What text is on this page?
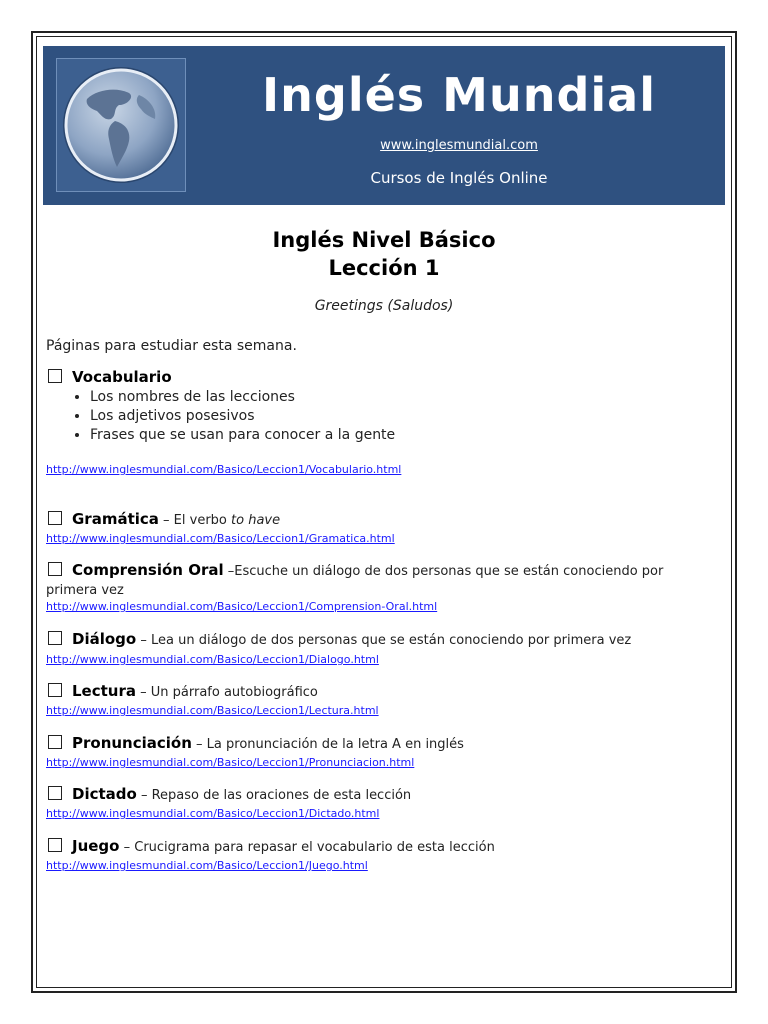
Inglés Mundial
www.inglesmundial.com
Cursos de Inglés Online
Inglés Nivel Básico
Lección 1
Greetings (Saludos)
Páginas para estudiar esta semana.
Vocabulario
• Los nombres de las lecciones
• Los adjetivos posesivos
• Frases que se usan para conocer a la gente
http://www.inglesmundial.com/Basico/Leccion1/Vocabulario.html
Gramática – El verbo to have
http://www.inglesmundial.com/Basico/Leccion1/Gramatica.html
Comprensión Oral –Escuche un diálogo de dos personas que se están conociendo por primera vez
http://www.inglesmundial.com/Basico/Leccion1/Comprension-Oral.html
Diálogo – Lea un diálogo de dos personas que se están conociendo por primera vez
http://www.inglesmundial.com/Basico/Leccion1/Dialogo.html
Lectura – Un párrafo autobiográfico
http://www.inglesmundial.com/Basico/Leccion1/Lectura.html
Pronunciación – La pronunciación de la letra A en inglés
http://www.inglesmundial.com/Basico/Leccion1/Pronunciacion.html
Dictado – Repaso de las oraciones de esta lección
http://www.inglesmundial.com/Basico/Leccion1/Dictado.html
Juego – Crucigrama para repasar el vocabulario de esta lección
http://www.inglesmundial.com/Basico/Leccion1/Juego.html
